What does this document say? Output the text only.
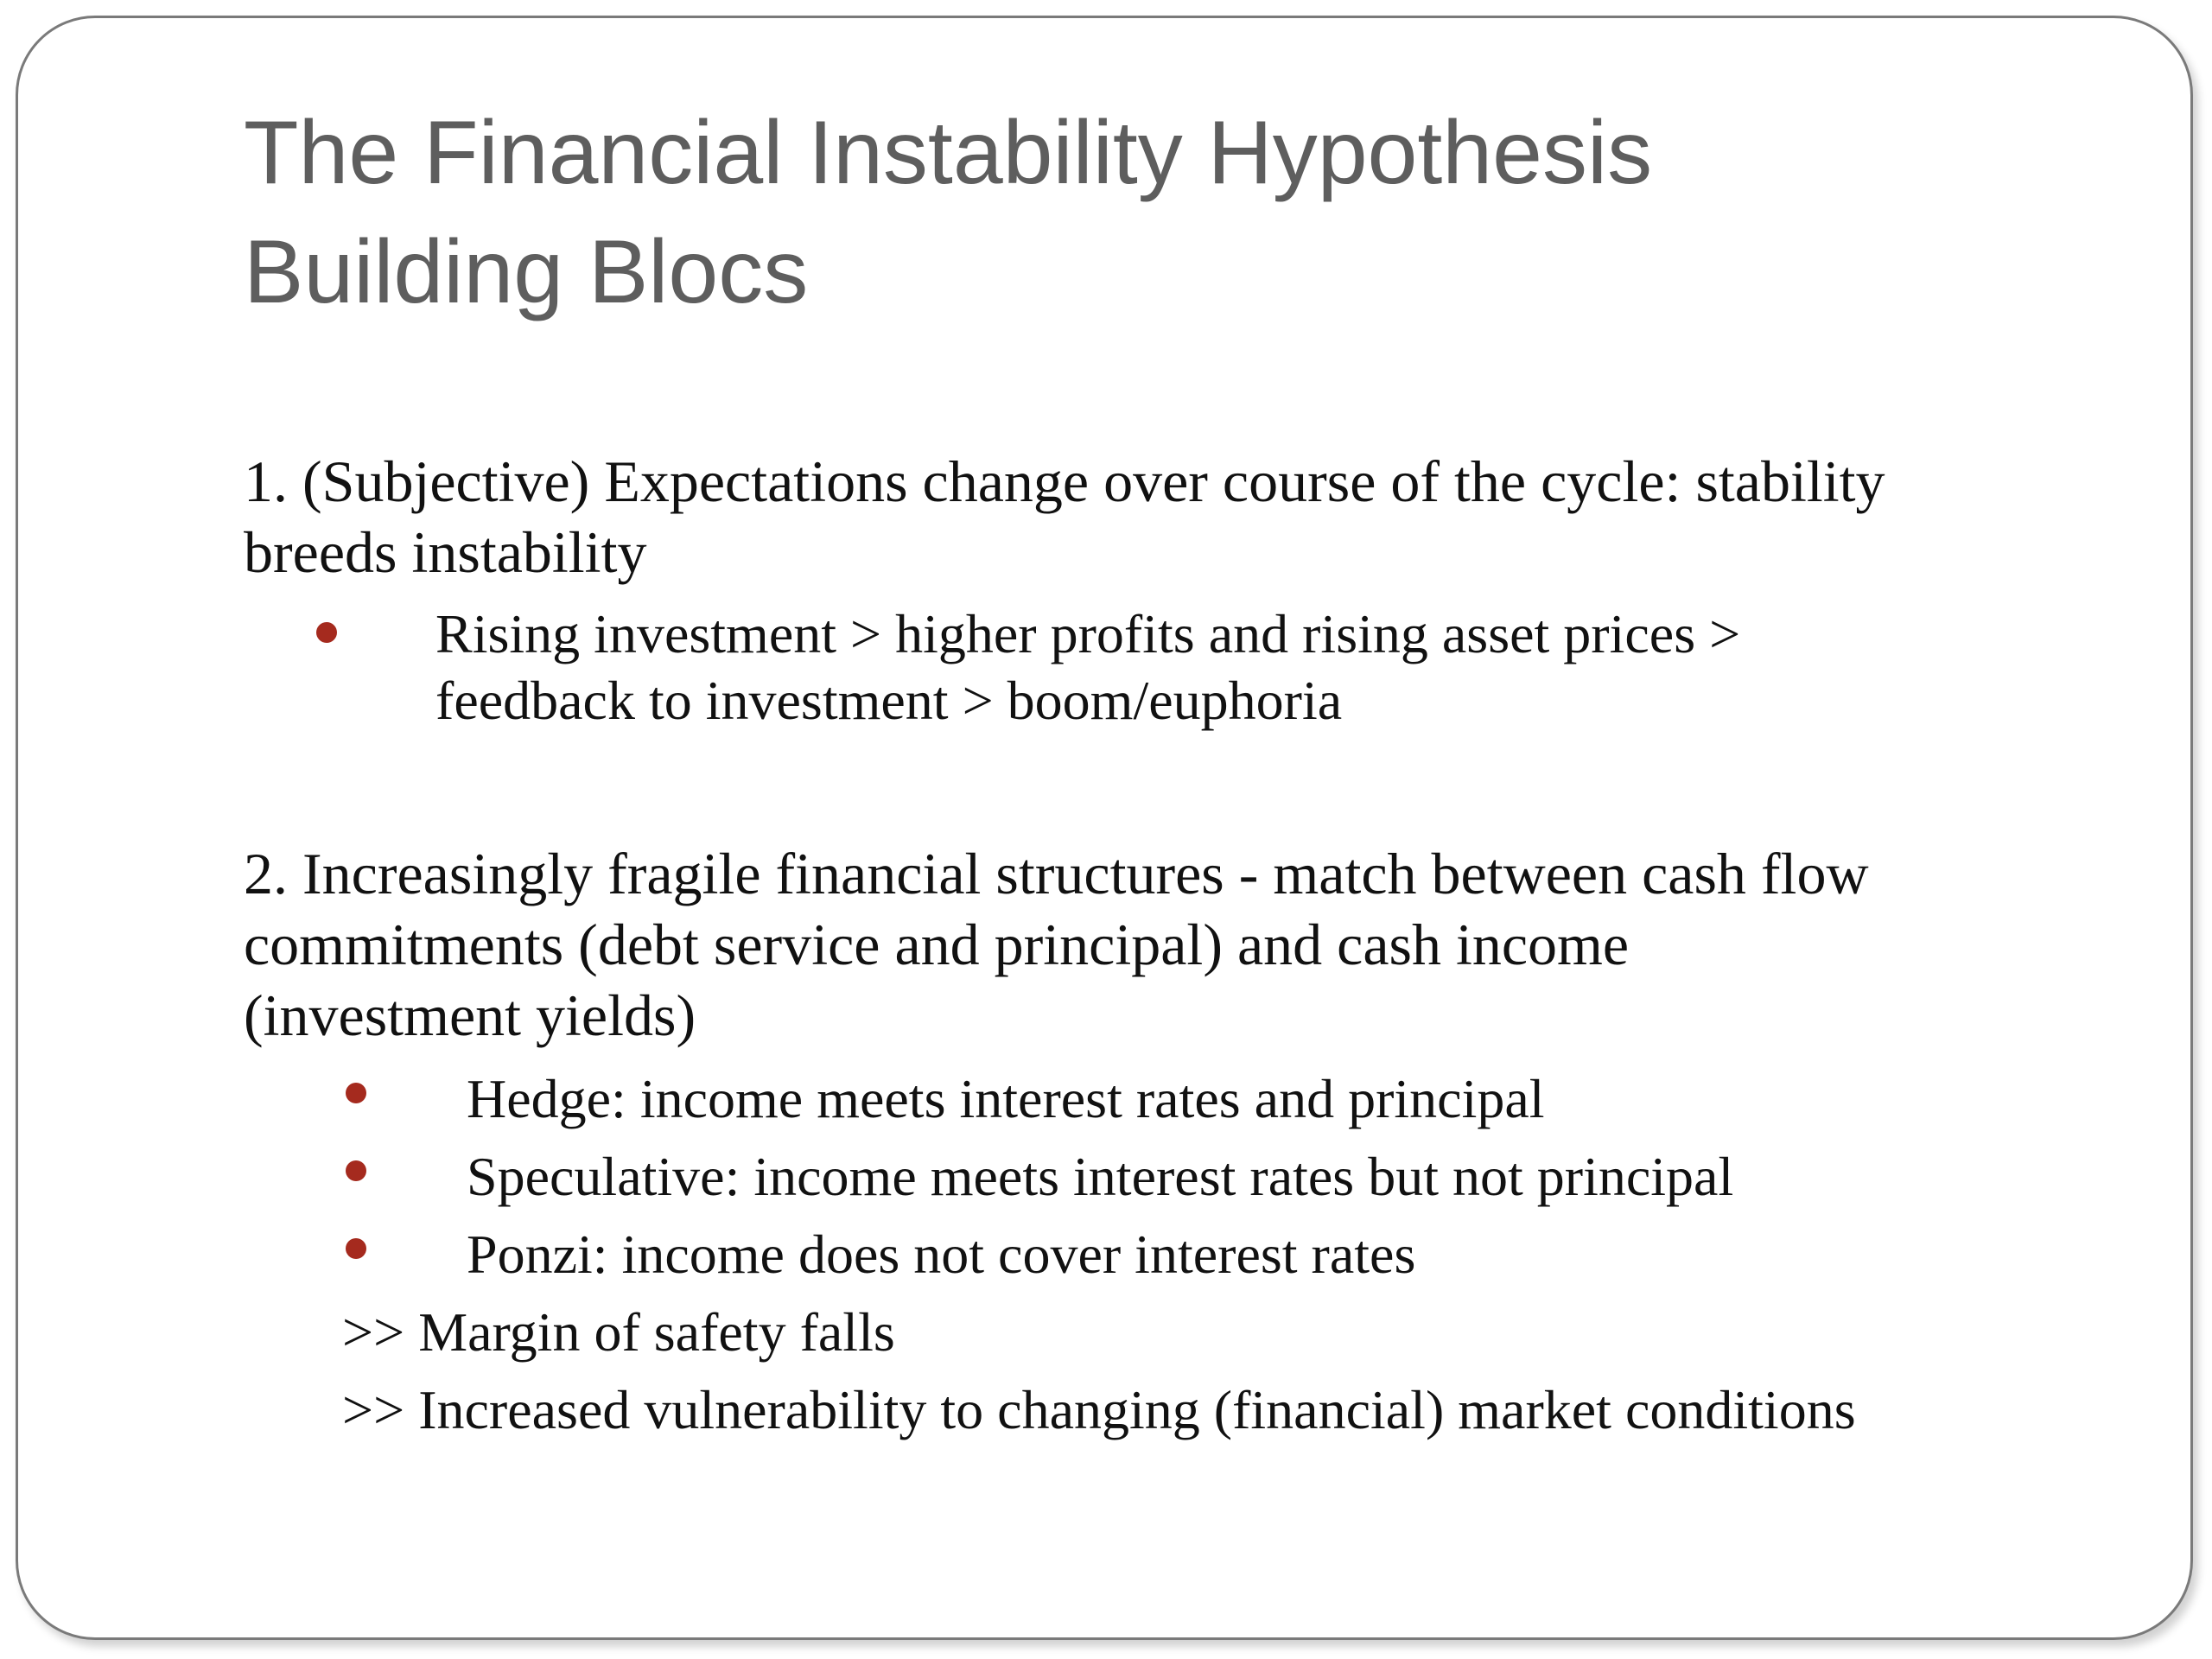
The Financial Instability Hypothesis
Building Blocs

1. (Subjective) Expectations change over course of the cycle: stability
breeds instability

Rising investment > higher profits and rising asset prices >
feedback to investment > boom/euphoria

2. Increasingly fragile financial structures - match between cash flow
commitments (debt service and principal) and cash income
(investment yields)

Hedge: income meets interest rates and principal
Speculative: income meets interest rates but not principal
Ponzi: income does not cover interest rates
>> Margin of safety falls
>> Increased vulnerability to changing (financial) market conditions
